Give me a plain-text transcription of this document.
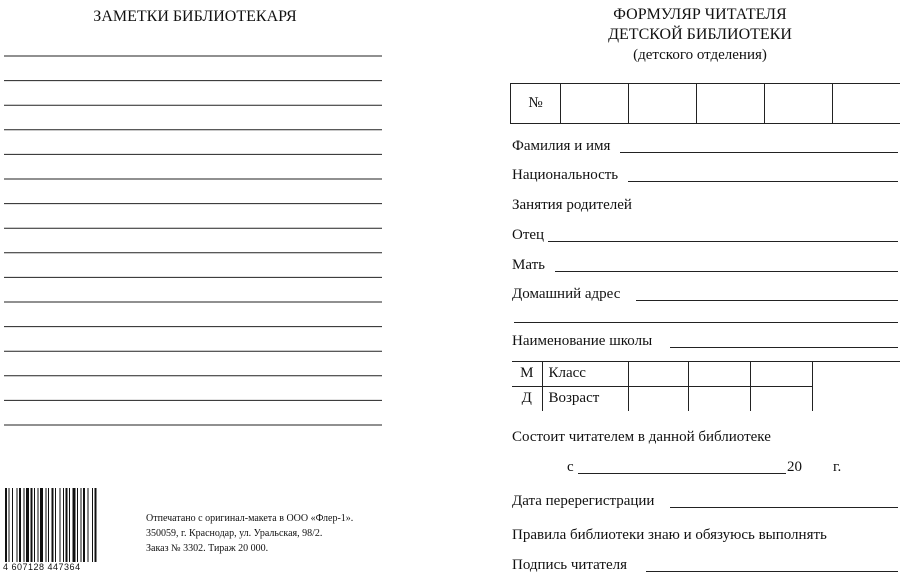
ЗАМЕТКИ БИБЛИОТЕКАРЯ
4 607128 447364
Отпечатано с оригинал-макета в ООО «Флер-1».
350059, г. Краснодар, ул. Уральская, 98/2.
Заказ № 3302. Тираж 20 000.
ФОРМУЛЯР ЧИТАТЕЛЯ
ДЕТСКОЙ БИБЛИОТЕКИ
(детского отделения)
№					
Фамилия и имя
Национальность
Занятия родителей
Отец
Мать
Домашний адрес
Наименование школы
М	Класс			
Д	Возраст			
Состоит читателем в данной библиотеке
с	20 г.
Дата перерегистрации
Правила библиотеки знаю и обязуюсь выполнять
Подпись читателя
